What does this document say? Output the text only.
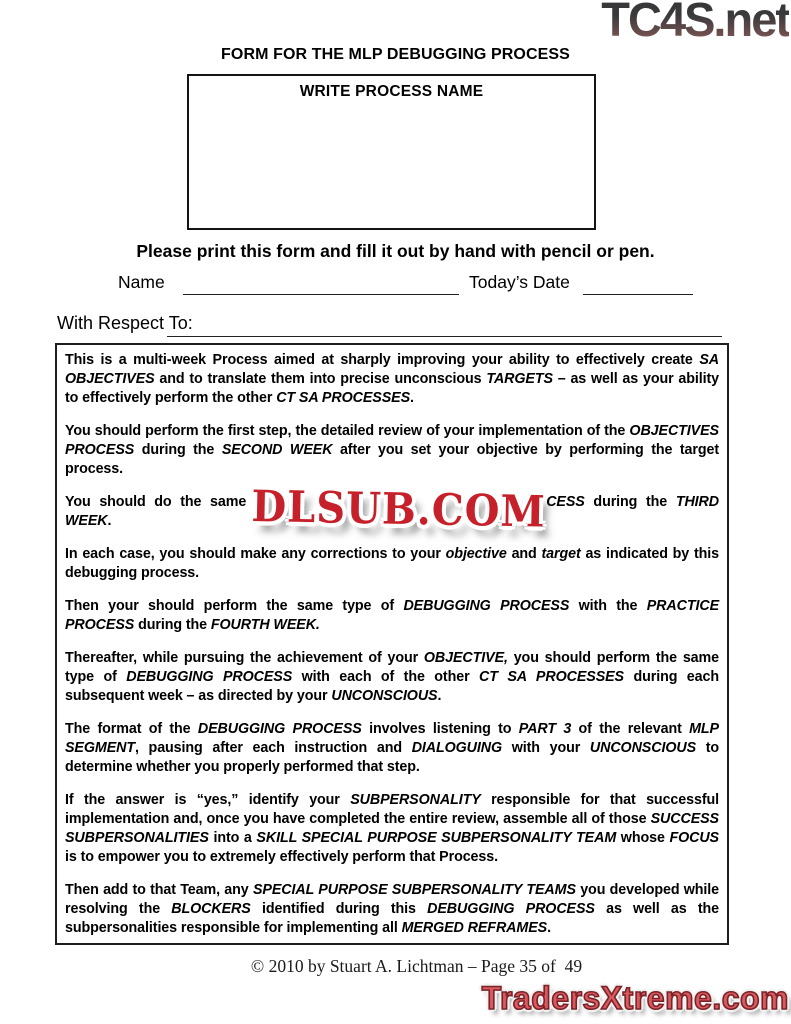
TC4S.net
FORM FOR THE MLP DEBUGGING PROCESS
WRITE PROCESS NAME
Please print this form and fill it out by hand with pencil or pen.
Name	Today’s Date
With Respect To:

This is a multi-week Process aimed at sharply improving your ability to effectively create SA OBJECTIVES and to translate them into precise unconscious TARGETS – as well as your ability to effectively perform the other CT SA PROCESSES.

You should perform the first step, the detailed review of your implementation of the OBJECTIVES PROCESS during the SECOND WEEK after you set your objective by performing the target process.

You should do the same	CESS during the THIRD WEEK.

In each case, you should make any corrections to your objective and target as indicated by this debugging process.

Then your should perform the same type of DEBUGGING PROCESS with the PRACTICE PROCESS during the FOURTH WEEK.

Thereafter, while pursuing the achievement of your OBJECTIVE, you should perform the same type of DEBUGGING PROCESS with each of the other CT SA PROCESSES during each subsequent week – as directed by your UNCONSCIOUS.

The format of the DEBUGGING PROCESS involves listening to PART 3 of the relevant MLP SEGMENT, pausing after each instruction and DIALOGUING with your UNCONSCIOUS to determine whether you properly performed that step.

If the answer is “yes,” identify your SUBPERSONALITY responsible for that successful implementation and, once you have completed the entire review, assemble all of those SUCCESS SUBPERSONALITIES into a SKILL SPECIAL PURPOSE SUBPERSONALITY TEAM whose FOCUS is to empower you to extremely effectively perform that Process.

Then add to that Team, any SPECIAL PURPOSE SUBPERSONALITY TEAMS you developed while resolving the BLOCKERS identified during this DEBUGGING PROCESS as well as the subpersonalities responsible for implementing all MERGED REFRAMES.

DLSUB.COM
© 2010 by Stuart A. Lichtman – Page 35 of  49
TradersXtreme.com
